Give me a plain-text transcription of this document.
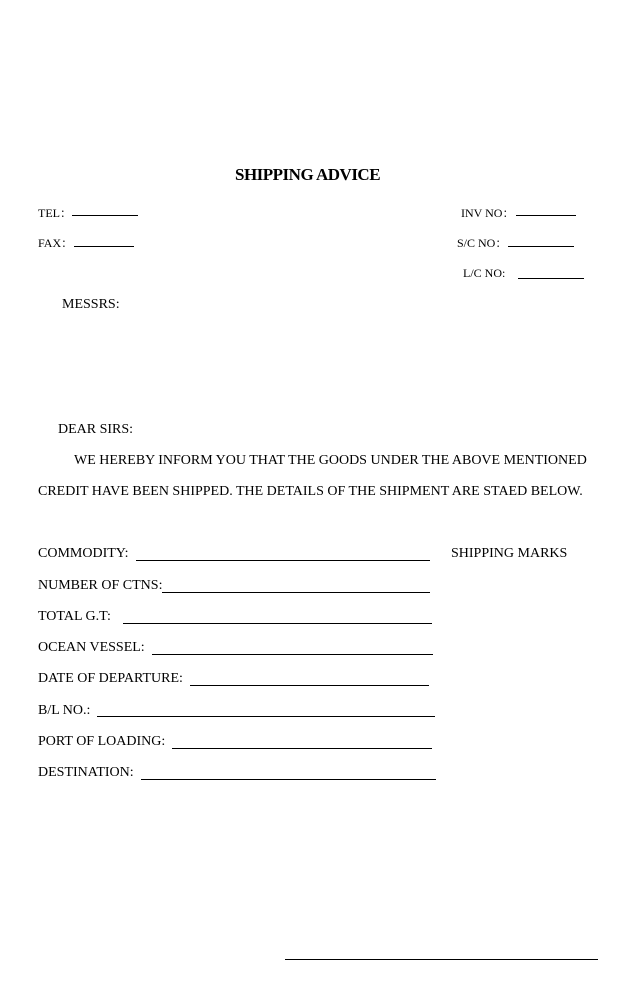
SHIPPING ADVICE
TEL：
FAX：
INV NO：
S/C NO：
L/C NO:
MESSRS:
DEAR SIRS:
WE HEREBY INFORM YOU THAT THE GOODS UNDER THE ABOVE MENTIONED
CREDIT HAVE BEEN SHIPPED. THE DETAILS OF THE SHIPMENT ARE STAED BELOW.
COMMODITY:	SHIPPING MARKS
NUMBER OF CTNS:
TOTAL G.T:
OCEAN VESSEL:
DATE OF DEPARTURE:
B/L NO.:
PORT OF LOADING:
DESTINATION:
